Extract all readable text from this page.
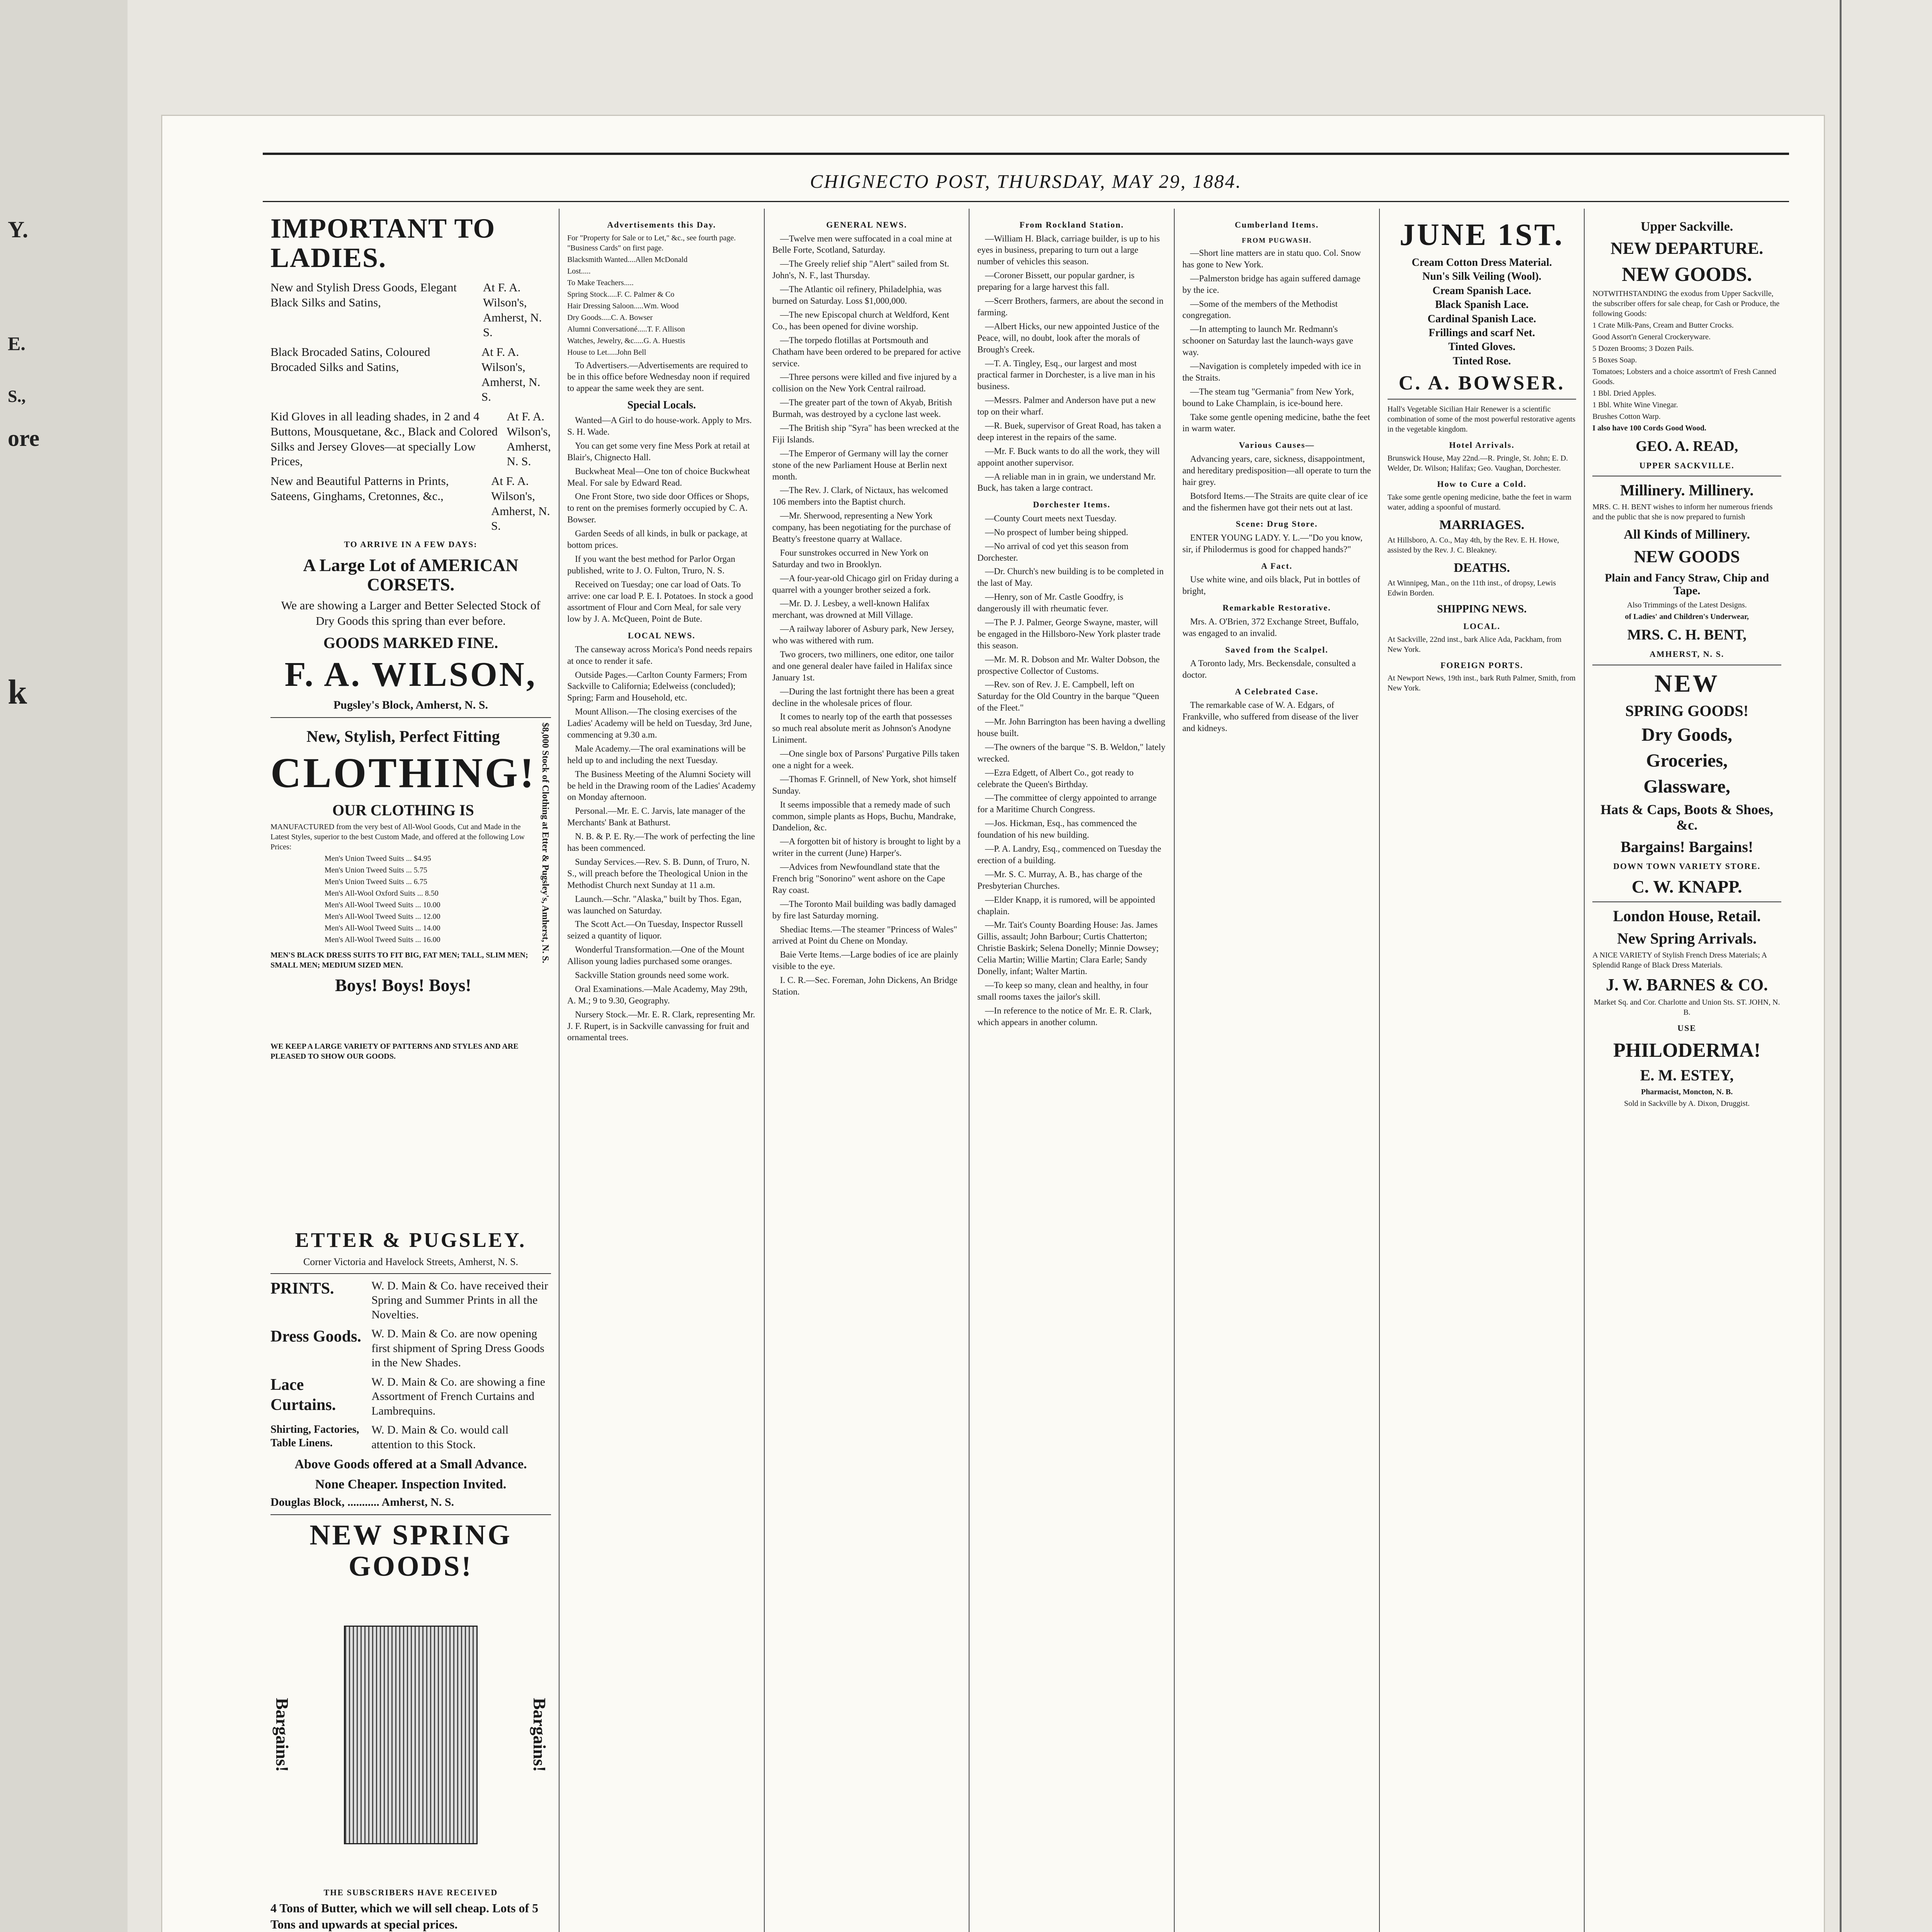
Y.
E.
S.,
ore
k
CHIGNECTO POST, THURSDAY, MAY 29, 1884.
IMPORTANT TO LADIES.
New and Stylish Dress Goods, Elegant Black Silks and Satins,
At F. A. Wilson's, Amherst, N. S.
Black Brocaded Satins, Coloured Brocaded Silks and Satins,
At F. A. Wilson's, Amherst, N. S.
Kid Gloves in all leading shades, in 2 and 4 Buttons, Mousquetane, &c., Black and Colored Silks and Jersey Gloves—at specially Low Prices,
At F. A. Wilson's, Amherst, N. S.
New and Beautiful Patterns in Prints, Sateens, Ginghams, Cretonnes, &c.,
At F. A. Wilson's, Amherst, N. S.
TO ARRIVE IN A FEW DAYS:
A Large Lot of AMERICAN CORSETS.
We are showing a Larger and Better Selected Stock of Dry Goods this spring than ever before.
GOODS MARKED FINE.
F. A. WILSON,
Pugsley's Block, Amherst, N. S.
New, Stylish, Perfect Fitting
CLOTHING!
OUR CLOTHING IS
MANUFACTURED from the very best of All-Wool Goods, Cut and Made in the Latest Styles, superior to the best Custom Made, and offered at the following Low Prices:
Men's Union Tweed Suits ... $4.95
Men's Union Tweed Suits ... 5.75
Men's Union Tweed Suits ... 6.75
Men's All-Wool Oxford Suits ... 8.50
Men's All-Wool Tweed Suits ... 10.00
Men's All-Wool Tweed Suits ... 12.00
Men's All-Wool Tweed Suits ... 14.00
Men's All-Wool Tweed Suits ... 16.00
MEN'S BLACK DRESS SUITS TO FIT BIG, FAT MEN; TALL, SLIM MEN; SMALL MEN; MEDIUM SIZED MEN.
Boys! Boys! Boys!
WE KEEP A LARGE VARIETY OF PATTERNS AND STYLES AND ARE PLEASED TO SHOW OUR GOODS.
$8,000 Stock of Clothing at Etter & Pugsley's, Amherst, N. S.
ETTER & PUGSLEY.
Corner Victoria and Havelock Streets, Amherst, N. S.
PRINTS.	W. D. Main & Co. have received their Spring and Summer Prints in all the Novelties.
Dress Goods. W. D. Main & Co. are now opening first shipment of Spring Dress Goods in the New Shades.
Lace Curtains.
W. D. Main & Co. are showing a fine Assortment of French Curtains and Lambrequins.
Shirting, Factories, Table Linens.
W. D. Main & Co. would call attention to this Stock.
Above Goods offered at a Small Advance.
None Cheaper. Inspection Invited.
Douglas Block, ........... Amherst, N. S.
NEW SPRING GOODS!
Bargains!	Bargains!
THE SUBSCRIBERS HAVE RECEIVED
4 Tons of Butter, which we will sell cheap. Lots of 5 Tons and upwards at special prices.
Advertisements this Day.
For "Property for Sale or to Let," &c., see fourth page. "Business Cards" on first page.
Blacksmith Wanted....Allen McDonald
Lost.....
To Make Teachers.....
Spring Stock.....F. C. Palmer & Co
Hair Dressing Saloon.....Wm. Wood
Dry Goods.....C. A. Bowser
Alumni Conversationé.....T. F. Allison
Watches, Jewelry, &c.....G. A. Huestis
House to Let.....John Bell

To Advertisers.—Advertisements are required to be in this office before Wednesday noon if required to appear the same week they are sent.

Special Locals.

Wanted—A Girl to do house-work. Apply to Mrs. S. H. Wade.

You can get some very fine Mess Pork at retail at Blair's, Chignecto Hall.

Buckwheat Meal—One ton of choice Buckwheat Meal. For sale by Edward Read.

One Front Store, two side door Offices or Shops, to rent on the premises formerly occupied by C. A. Bowser.

Garden Seeds of all kinds, in bulk or package, at bottom prices.

If you want the best method for Parlor Organ published, write to J. O. Fulton, Truro, N. S.

Received on Tuesday; one car load of Oats. To arrive: one car load P. E. I. Potatoes. In stock a good assortment of Flour and Corn Meal, for sale very low by J. A. McQueen, Point de Bute.

LOCAL NEWS.

The canseway across Morica's Pond needs repairs at once to render it safe.

Outside Pages.—Carlton County Farmers; From Sackville to California; Edelweiss (concluded); Spring; Farm and Household, etc.

Mount Allison.—The closing exercises of the Ladies' Academy will be held on Tuesday, 3rd June, commencing at 9.30 a.m.

Male Academy.—The oral examinations will be held up to and including the next Tuesday.

The Business Meeting of the Alumni Society will be held in the Drawing room of the Ladies' Academy on Monday afternoon.

Personal.—Mr. E. C. Jarvis, late manager of the Merchants' Bank at Bathurst.

N. B. & P. E. Ry.—The work of perfecting the line has been commenced.

Sunday Services.—Rev. S. B. Dunn, of Truro, N. S., will preach before the Theological Union in the Methodist Church next Sunday at 11 a.m.

Launch.—Schr. "Alaska," built by Thos. Egan, was launched on Saturday.

The Scott Act.—On Tuesday, Inspector Russell seized a quantity of liquor.

Wonderful Transformation.—One of the Mount Allison young ladies purchased some oranges.

Sackville Station grounds need some work.

Oral Examinations.—Male Academy, May 29th, A. M.; 9 to 9.30, Geography.

Nursery Stock.—Mr. E. R. Clark, representing Mr. J. F. Rupert, is in Sackville canvassing for fruit and ornamental trees.

GENERAL NEWS.

—Twelve men were suffocated in a coal mine at Belle Forte, Scotland, Saturday.

—The Greely relief ship "Alert" sailed from St. John's, N. F., last Thursday.

—The Atlantic oil refinery, Philadelphia, was burned on Saturday. Loss $1,000,000.

—The new Episcopal church at Weldford, Kent Co., has been opened for divine worship.

—The torpedo flotillas at Portsmouth and Chatham have been ordered to be prepared for active service.

—Three persons were killed and five injured by a collision on the New York Central railroad.

—The greater part of the town of Akyab, British Burmah, was destroyed by a cyclone last week.

—The British ship "Syra" has been wrecked at the Fiji Islands.

—The Emperor of Germany will lay the corner stone of the new Parliament House at Berlin next month.

—The Rev. J. Clark, of Nictaux, has welcomed 106 members into the Baptist church.

—Mr. Sherwood, representing a New York company, has been negotiating for the purchase of Beatty's freestone quarry at Wallace.

Four sunstrokes occurred in New York on Saturday and two in Brooklyn.

—A four-year-old Chicago girl on Friday during a quarrel with a younger brother seized a fork.

—Mr. D. J. Lesbey, a well-known Halifax merchant, was drowned at Mill Village.

—A railway laborer of Asbury park, New Jersey, who was withered with rum.

Two grocers, two milliners, one editor, one tailor and one general dealer have failed in Halifax since January 1st.

—During the last fortnight there has been a great decline in the wholesale prices of flour.

It comes to nearly top of the earth that possesses so much real absolute merit as Johnson's Anodyne Liniment.

—One single box of Parsons' Purgative Pills taken one a night for a week.

—Thomas F. Grinnell, of New York, shot himself Sunday.

It seems impossible that a remedy made of such common, simple plants as Hops, Buchu, Mandrake, Dandelion, &c.

—A forgotten bit of history is brought to light by a writer in the current (June) Harper's.

—Advices from Newfoundland state that the French brig "Sonorino" went ashore on the Cape Ray coast.

—The Toronto Mail building was badly damaged by fire last Saturday morning.

Shediac Items.—The steamer "Princess of Wales" arrived at Point du Chene on Monday.

Baie Verte Items.—Large bodies of ice are plainly visible to the eye.

I. C. R.—Sec. Foreman, John Dickens, An Bridge Station.

From Rockland Station.

—William H. Black, carriage builder, is up to his eyes in business, preparing to turn out a large number of vehicles this season.

—Coroner Bissett, our popular gardner, is preparing for a large harvest this fall.

—Scerr Brothers, farmers, are about the second in farming.

—Albert Hicks, our new appointed Justice of the Peace, will, no doubt, look after the morals of Brough's Creek.

—T. A. Tingley, Esq., our largest and most practical farmer in Dorchester, is a live man in his business.

—Messrs. Palmer and Anderson have put a new top on their wharf.

—R. Buek, supervisor of Great Road, has taken a deep interest in the repairs of the same.

—Mr. F. Buck wants to do all the work, they will appoint another supervisor.

—A reliable man in in grain, we understand Mr. Buck, has taken a large contract.

Dorchester Items.

—County Court meets next Tuesday.

—No prospect of lumber being shipped.

—No arrival of cod yet this season from Dorchester.

—Dr. Church's new building is to be completed in the last of May.

—Henry, son of Mr. Castle Goodfry, is dangerously ill with rheumatic fever.

—The P. J. Palmer, George Swayne, master, will be engaged in the Hillsboro-New York plaster trade this season.

—Mr. M. R. Dobson and Mr. Walter Dobson, the prospective Collector of Customs.

—Rev. son of Rev. J. E. Campbell, left on Saturday for the Old Country in the barque "Queen of the Fleet."

—Mr. John Barrington has been having a dwelling house built.

—The owners of the barque "S. B. Weldon," lately wrecked.

—Ezra Edgett, of Albert Co., got ready to celebrate the Queen's Birthday.

—The committee of clergy appointed to arrange for a Maritime Church Congress.

—Jos. Hickman, Esq., has commenced the foundation of his new building.

—P. A. Landry, Esq., commenced on Tuesday the erection of a building.

—Mr. S. C. Murray, A. B., has charge of the Presbyterian Churches.

—Elder Knapp, it is rumored, will be appointed chaplain.

—Mr. Tait's County Boarding House: Jas. James Gillis, assault; John Barbour; Curtis Chatterton; Christie Baskirk; Selena Donelly; Minnie Dowsey; Celia Martin; Willie Martin; Clara Earle; Sandy Donelly, infant; Walter Martin.

—To keep so many, clean and healthy, in four small rooms taxes the jailor's skill.

—In reference to the notice of Mr. E. R. Clark, which appears in another column.

Cumberland Items.
FROM PUGWASH.

—Short line matters are in statu quo. Col. Snow has gone to New York.

—Palmerston bridge has again suffered damage by the ice.

—Some of the members of the Methodist congregation.

—In attempting to launch Mr. Redmann's schooner on Saturday last the launch-ways gave way.

—Navigation is completely impeded with ice in the Straits.

—The steam tug "Germania" from New York, bound to Lake Champlain, is ice-bound here.

Take some gentle opening medicine, bathe the feet in warm water.

Various Causes—

Advancing years, care, sickness, disappointment, and hereditary predisposition—all operate to turn the hair grey.

Botsford Items.—The Straits are quite clear of ice and the fishermen have got their nets out at last.

Scene: Drug Store.

ENTER YOUNG LADY. Y. L.—"Do you know, sir, if Philodermus is good for chapped hands?"

A Fact.

Use white wine, and oils black, Put in bottles of bright,

Remarkable Restorative.

Mrs. A. O'Brien, 372 Exchange Street, Buffalo, was engaged to an invalid.

Saved from the Scalpel.

A Toronto lady, Mrs. Beckensdale, consulted a doctor.

A Celebrated Case.

The remarkable case of W. A. Edgars, of Frankville, who suffered from disease of the liver and kidneys.

JUNE 1ST.
Cream Cotton Dress Material.
Nun's Silk Veiling (Wool).
Cream Spanish Lace.
Black Spanish Lace.
Cardinal Spanish Lace.
Frillings and scarf Net.
Tinted Gloves.
Tinted Rose.
C. A. BOWSER.

Hall's Vegetable Sicilian Hair Renewer is a scientific combination of some of the most powerful restorative agents in the vegetable kingdom.

Hotel Arrivals.

Brunswick House, May 22nd.—R. Pringle, St. John; E. D. Welder, Dr. Wilson; Halifax; Geo. Vaughan, Dorchester.

How to Cure a Cold.

Take some gentle opening medicine, bathe the feet in warm water, adding a spoonful of mustard.

MARRIAGES.

At Hillsboro, A. Co., May 4th, by the Rev. E. H. Howe, assisted by the Rev. J. C. Bleakney.

DEATHS.

At Winnipeg, Man., on the 11th inst., of dropsy, Lewis Edwin Borden.

SHIPPING NEWS.
LOCAL.

At Sackville, 22nd inst., bark Alice Ada, Packham, from New York.

FOREIGN PORTS.

At Newport News, 19th inst., bark Ruth Palmer, Smith, from New York.

Upper Sackville.
NEW DEPARTURE.
NEW GOODS.

NOTWITHSTANDING the exodus from Upper Sackville, the subscriber offers for sale cheap, for Cash or Produce, the following Goods:

1 Crate Milk-Pans, Cream and Butter Crocks.
Good Assort'n General Crockeryware.
5 Dozen Brooms; 3 Dozen Pails.
5 Boxes Soap.
Tomatoes; Lobsters and a choice assortm't of Fresh Canned Goods.
1 Bbl. Dried Apples.
1 Bbl. White Wine Vinegar.
Brushes Cotton Warp.
I also have 100 Cords Good Wood.
GEO. A. READ,
UPPER SACKVILLE.
Millinery. Millinery.

MRS. C. H. BENT wishes to inform her numerous friends and the public that she is now prepared to furnish

All Kinds of Millinery.
NEW GOODS
Plain and Fancy Straw, Chip and Tape.
Also Trimmings of the Latest Designs.
of Ladies' and Children's Underwear,
MRS. C. H. BENT,
AMHERST, N. S.
NEW
SPRING GOODS!
Dry Goods,
Groceries,
Glassware,
Hats & Caps, Boots & Shoes, &c.
Bargains! Bargains!
DOWN TOWN VARIETY STORE.
C. W. KNAPP.
London House, Retail.
New Spring Arrivals.

A NICE VARIETY of Stylish French Dress Materials; A Splendid Range of Black Dress Materials.

J. W. BARNES & CO.
Market Sq. and Cor. Charlotte and Union Sts. ST. JOHN, N. B.
USE
PHILODERMA!
E. M. ESTEY,
Pharmacist, Moncton, N. B.
Sold in Sackville by A. Dixon, Druggist.
